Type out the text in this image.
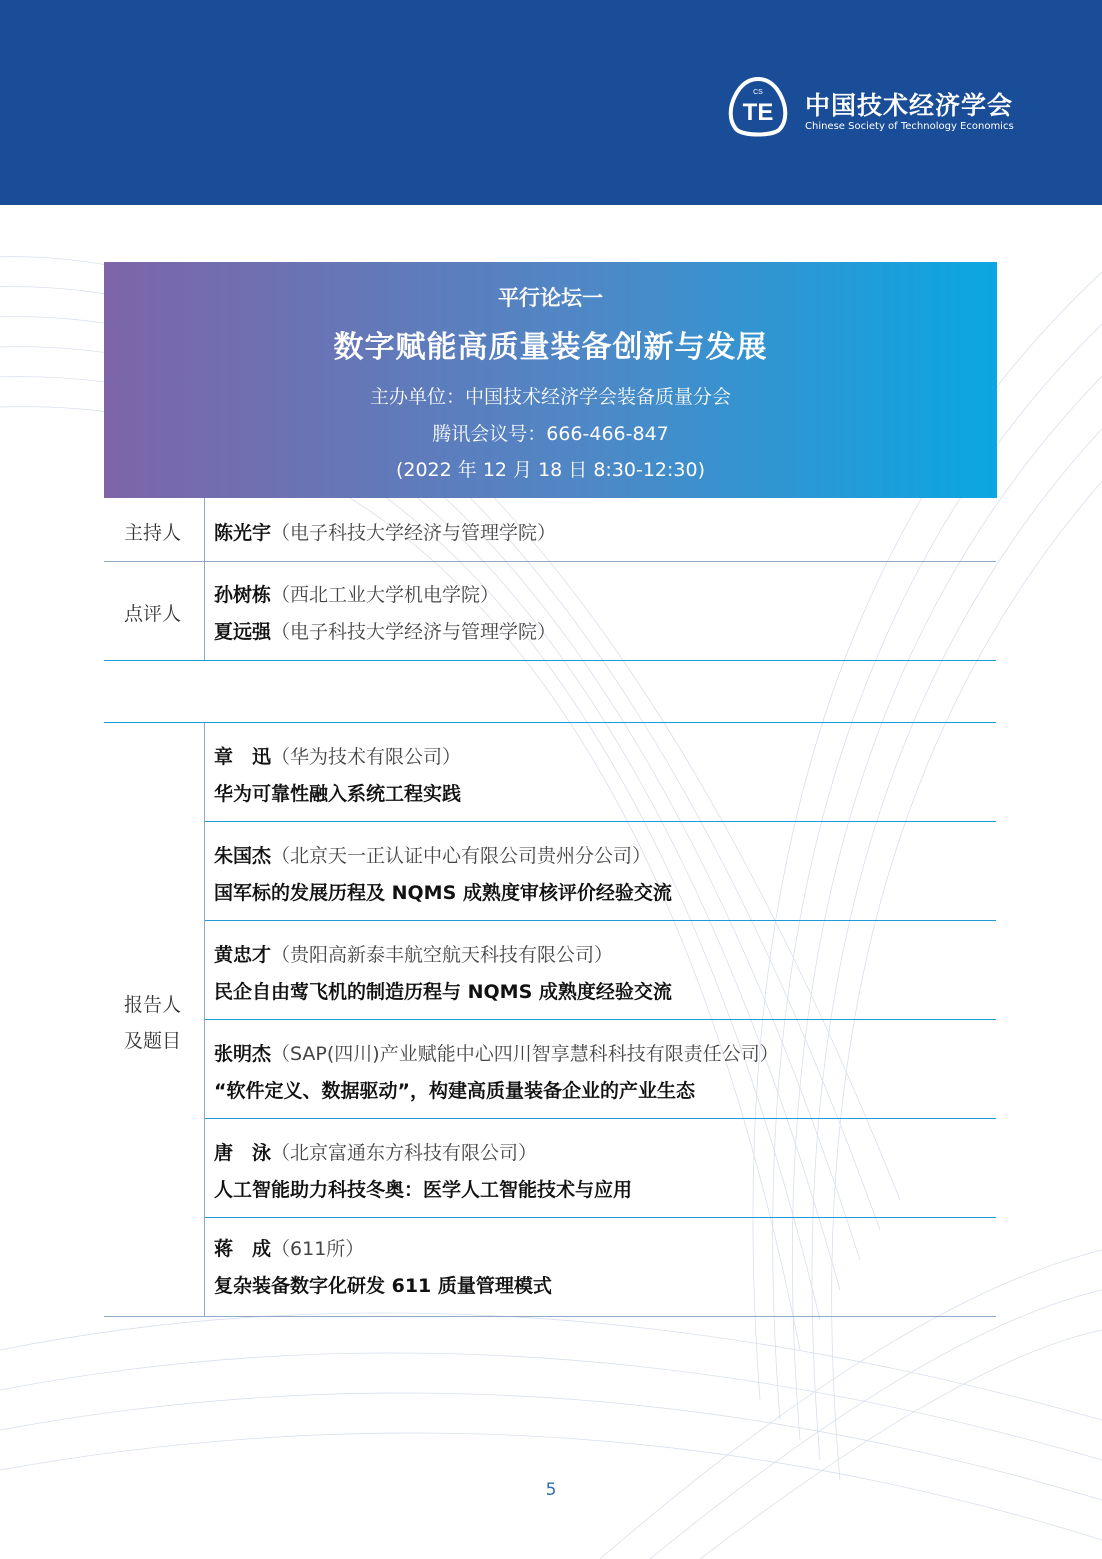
TE
CS 中国技术经济学会
Chinese Society of Technology Economics
平行论坛一
数字赋能高质量装备创新与发展
主办单位：中国技术经济学会装备质量分会
腾讯会议号：666-466-847
(2022 年 12 月 18 日 8:30-12:30)
主持人 陈光宇（电子科技大学经济与管理学院）
点评人
孙树栋（西北工业大学机电学院）
夏远强（电子科技大学经济与管理学院）
报告人
及题目
章　迅（华为技术有限公司）
华为可靠性融入系统工程实践
朱国杰（北京天一正认证中心有限公司贵州分公司）
国军标的发展历程及 NQMS 成熟度审核评价经验交流
黄忠才（贵阳高新泰丰航空航天科技有限公司）
民企自由莺飞机的制造历程与 NQMS 成熟度经验交流
张明杰（SAP(四川)产业赋能中心四川智享慧科科技有限责任公司）
“软件定义、数据驱动”，构建高质量装备企业的产业生态
唐　泳（北京富通东方科技有限公司）
人工智能助力科技冬奥：医学人工智能技术与应用
蒋　成（611所）
复杂装备数字化研发 611 质量管理模式
5
